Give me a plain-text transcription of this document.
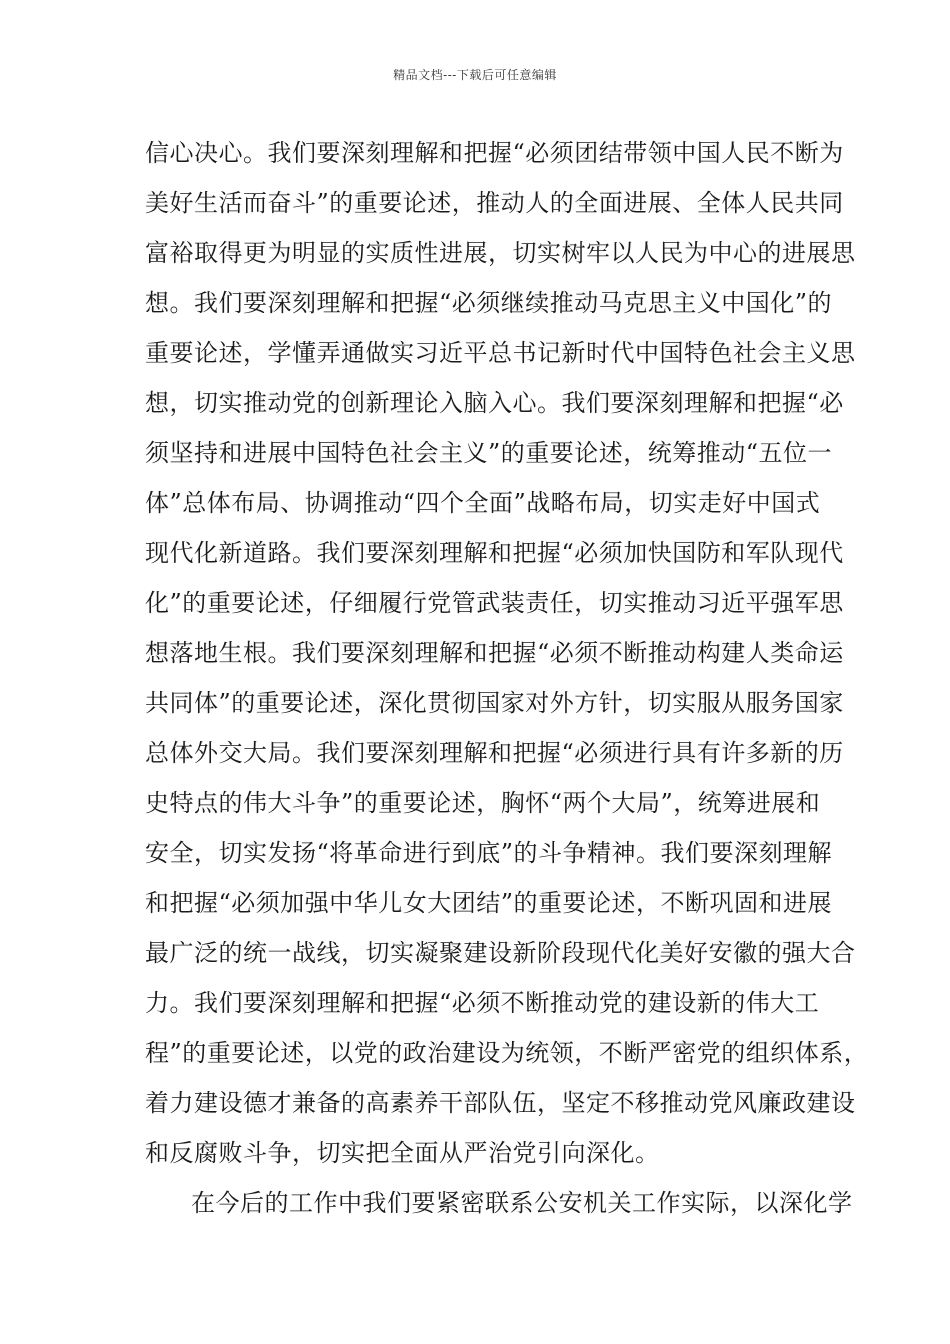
精品文档---下载后可任意编辑
信心决心。我们要深刻理解和把握“必须团结带领中国人民不断为
美好生活而奋斗”的重要论述，推动人的全面进展、全体人民共同
富裕取得更为明显的实质性进展，切实树牢以人民为中心的进展思
想。我们要深刻理解和把握“必须继续推动马克思主义中国化”的
重要论述，学懂弄通做实习近平总书记新时代中国特色社会主义思
想，切实推动党的创新理论入脑入心。我们要深刻理解和把握“必
须坚持和进展中国特色社会主义”的重要论述，统筹推动“五位一
体”总体布局、协调推动“四个全面”战略布局，切实走好中国式
现代化新道路。我们要深刻理解和把握“必须加快国防和军队现代
化”的重要论述，仔细履行党管武装责任，切实推动习近平强军思
想落地生根。我们要深刻理解和把握“必须不断推动构建人类命运
共同体”的重要论述，深化贯彻国家对外方针，切实服从服务国家
总体外交大局。我们要深刻理解和把握“必须进行具有许多新的历
史特点的伟大斗争”的重要论述，胸怀“两个大局”，统筹进展和
安全，切实发扬“将革命进行到底”的斗争精神。我们要深刻理解
和把握“必须加强中华儿女大团结”的重要论述，不断巩固和进展
最广泛的统一战线，切实凝聚建设新阶段现代化美好安徽的强大合
力。我们要深刻理解和把握“必须不断推动党的建设新的伟大工
程”的重要论述，以党的政治建设为统领，不断严密党的组织体系，
着力建设德才兼备的高素养干部队伍，坚定不移推动党风廉政建设
和反腐败斗争，切实把全面从严治党引向深化。
在今后的工作中我们要紧密联系公安机关工作实际，以深化学
